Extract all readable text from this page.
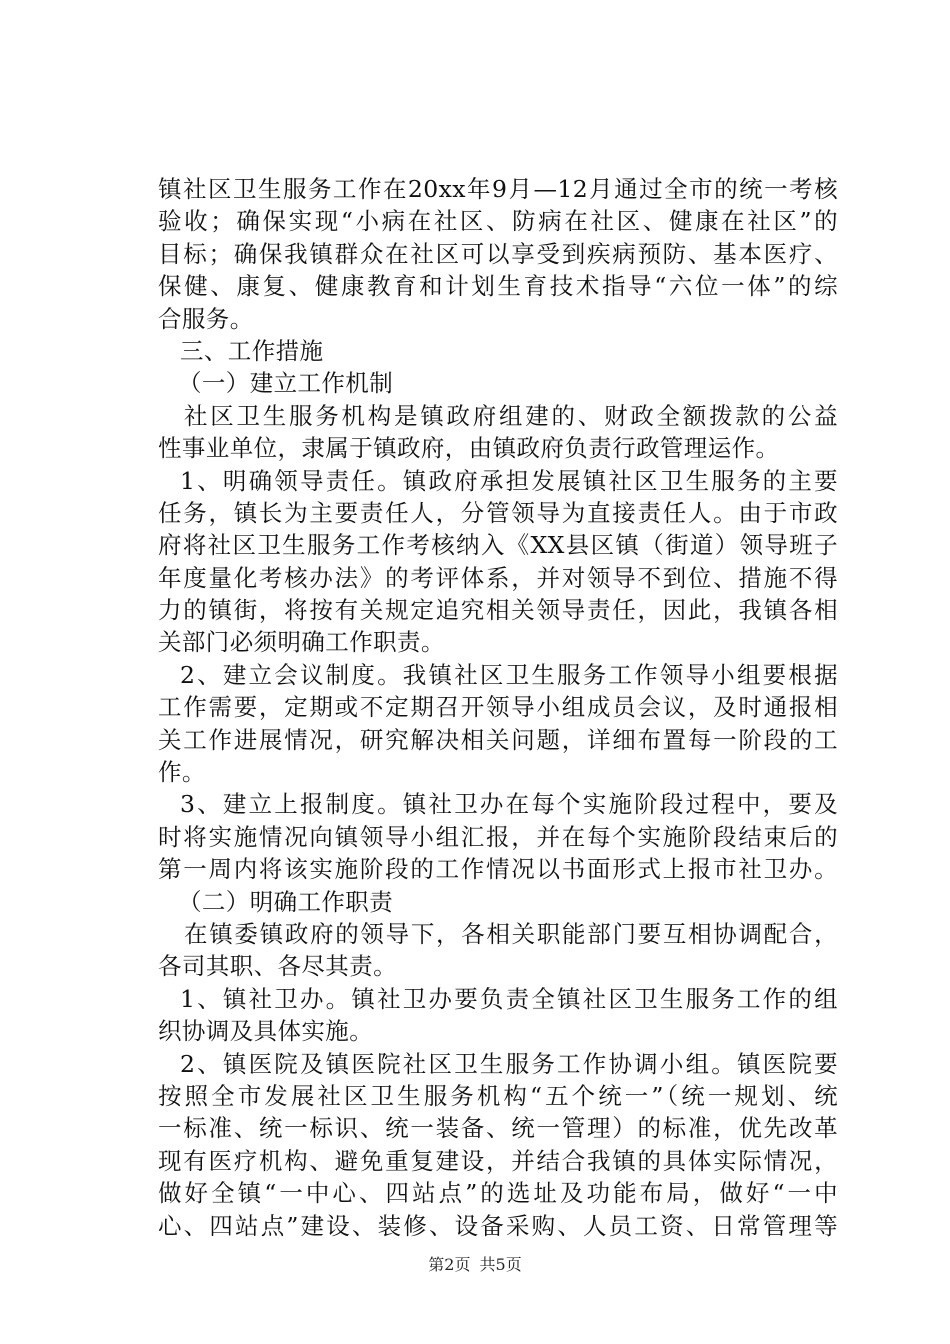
镇社区卫生服务工作在20xx年9月—12月通过全市的统一考核
验收；确保实现“小病在社区、防病在社区、健康在社区”的
目标；确保我镇群众在社区可以享受到疾病预防、基本医疗、
保健、康复、健康教育和计划生育技术指导“六位一体”的综
合服务。
三、工作措施
（一）建立工作机制
社区卫生服务机构是镇政府组建的、财政全额拨款的公益
性事业单位，隶属于镇政府，由镇政府负责行政管理运作。
1、明确领导责任。镇政府承担发展镇社区卫生服务的主要
任务，镇长为主要责任人，分管领导为直接责任人。由于市政
府将社区卫生服务工作考核纳入《XX县区镇（街道）领导班子
年度量化考核办法》的考评体系，并对领导不到位、措施不得
力的镇街，将按有关规定追究相关领导责任，因此，我镇各相
关部门必须明确工作职责。
2、建立会议制度。我镇社区卫生服务工作领导小组要根据
工作需要，定期或不定期召开领导小组成员会议，及时通报相
关工作进展情况，研究解决相关问题，详细布置每一阶段的工
作。
3、建立上报制度。镇社卫办在每个实施阶段过程中，要及
时将实施情况向镇领导小组汇报，并在每个实施阶段结束后的
第一周内将该实施阶段的工作情况以书面形式上报市社卫办。
（二）明确工作职责
在镇委镇政府的领导下，各相关职能部门要互相协调配合，
各司其职、各尽其责。
1、镇社卫办。镇社卫办要负责全镇社区卫生服务工作的组
织协调及具体实施。
2、镇医院及镇医院社区卫生服务工作协调小组。镇医院要
按照全市发展社区卫生服务机构“五个统一”（统一规划、统
一标准、统一标识、统一装备、统一管理）的标准，优先改革
现有医疗机构、避免重复建设，并结合我镇的具体实际情况，
做好全镇“一中心、四站点”的选址及功能布局，做好“一中
心、四站点”建设、装修、设备采购、人员工资、日常管理等
第2页 共5页
